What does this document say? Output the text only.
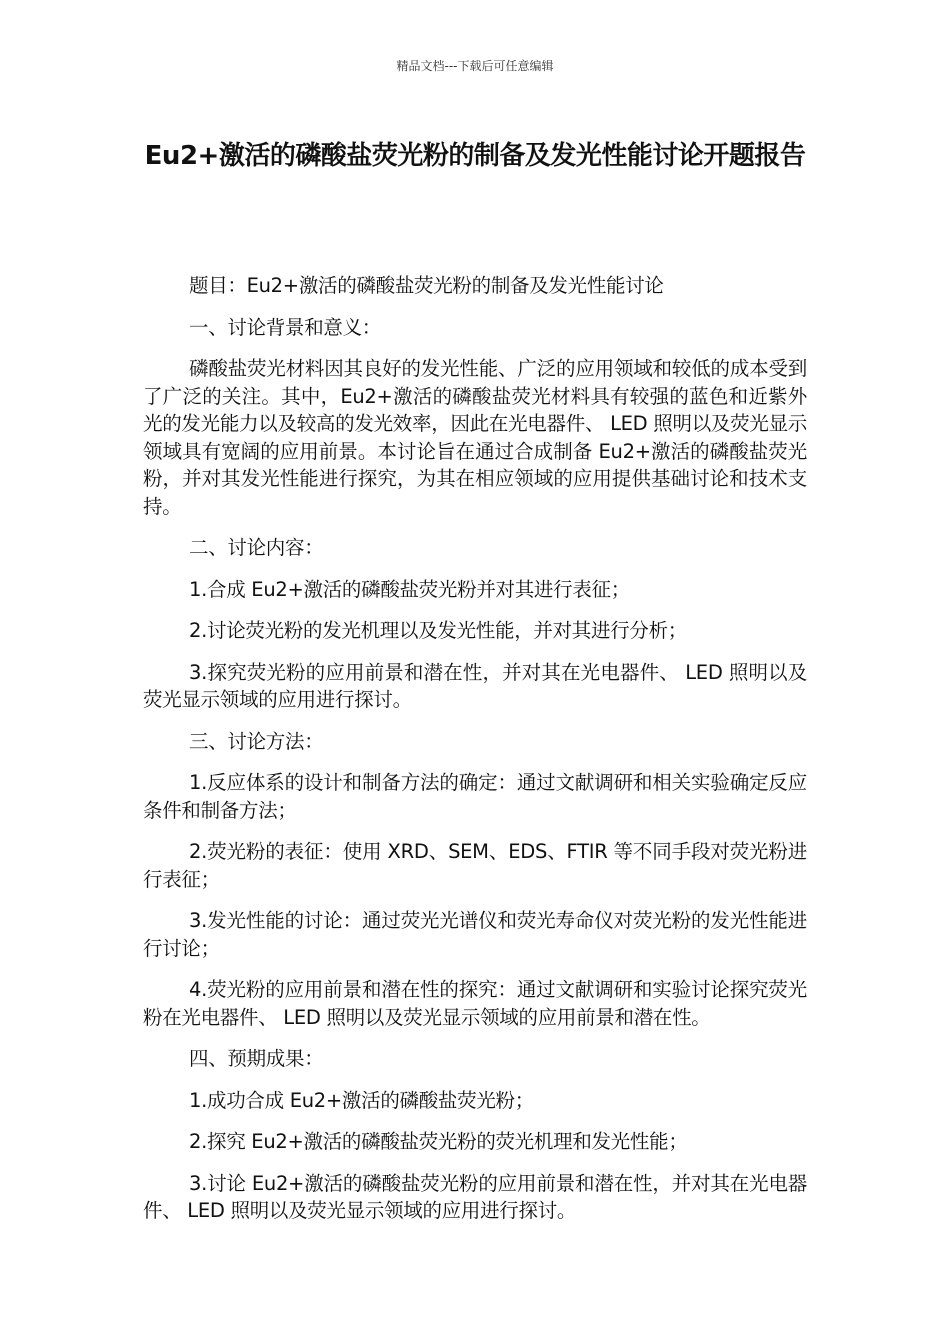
精品文档---下载后可任意编辑
Eu2+激活的磷酸盐荧光粉的制备及发光性能讨论开题报告

题目：Eu2+激活的磷酸盐荧光粉的制备及发光性能讨论

一、讨论背景和意义：

磷酸盐荧光材料因其良好的发光性能、广泛的应用领域和较低的成本受到了广泛的关注。其中，Eu2+激活的磷酸盐荧光材料具有较强的蓝色和近紫外光的发光能力以及较高的发光效率，因此在光电器件、 LED 照明以及荧光显示领域具有宽阔的应用前景。本讨论旨在通过合成制备 Eu2+激活的磷酸盐荧光粉，并对其发光性能进行探究，为其在相应领域的应用提供基础讨论和技术支持。

二、讨论内容：

1.合成 Eu2+激活的磷酸盐荧光粉并对其进行表征；

2.讨论荧光粉的发光机理以及发光性能，并对其进行分析；

3.探究荧光粉的应用前景和潜在性，并对其在光电器件、 LED 照明以及荧光显示领域的应用进行探讨。

三、讨论方法：

1.反应体系的设计和制备方法的确定：通过文献调研和相关实验确定反应条件和制备方法；

2.荧光粉的表征：使用 XRD、SEM、EDS、FTIR 等不同手段对荧光粉进行表征；

3.发光性能的讨论：通过荧光光谱仪和荧光寿命仪对荧光粉的发光性能进行讨论；

4.荧光粉的应用前景和潜在性的探究：通过文献调研和实验讨论探究荧光粉在光电器件、 LED 照明以及荧光显示领域的应用前景和潜在性。

四、预期成果：

1.成功合成 Eu2+激活的磷酸盐荧光粉；

2.探究 Eu2+激活的磷酸盐荧光粉的荧光机理和发光性能；

3.讨论 Eu2+激活的磷酸盐荧光粉的应用前景和潜在性，并对其在光电器件、 LED 照明以及荧光显示领域的应用进行探讨。
